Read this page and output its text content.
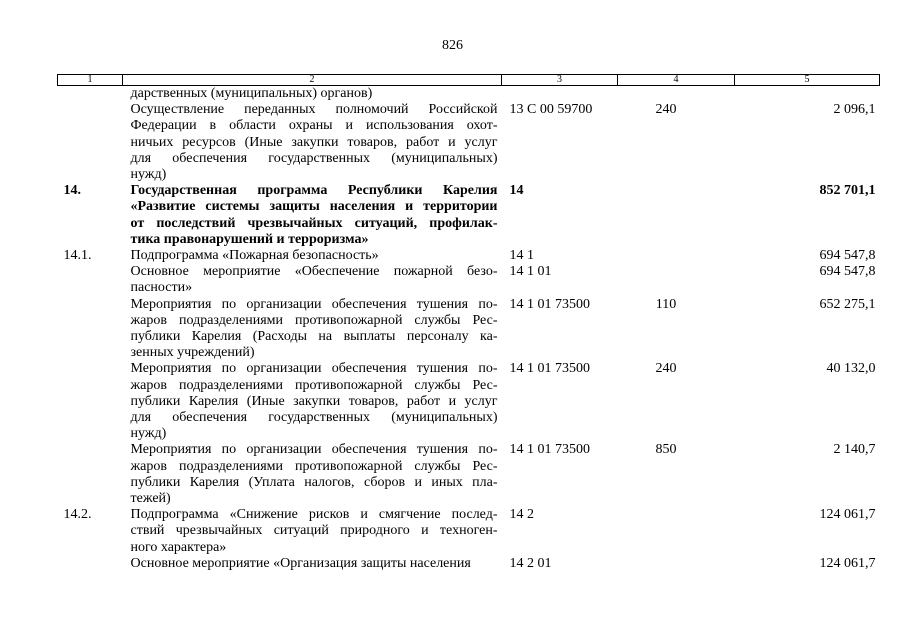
826
1	2	3	4	5

	дарственных (муниципальных) органов)			

	Осуществление переданных полномочий Российской
Федерации в области охраны и использования охот-
ничьих ресурсов (Иные закупки товаров, работ и услуг
для обеспечения государственных (муниципальных)
нужд)	13 С 00 59700	240	2 096,1
14.	Государственная программа Республики Карелия
«Развитие системы защиты населения и территории
от последствий чрезвычайных ситуаций, профилак-
тика правонарушений и терроризма»	14		852 701,1
14.1.	Подпрограмма «Пожарная безопасность»	14 1		694 547,8

	Основное мероприятие «Обеспечение пожарной безо-
пасности»	14 1 01		694 547,8

	Мероприятия по организации обеспечения тушения по-
жаров подразделениями противопожарной службы Рес-
публики Карелия (Расходы на выплаты персоналу ка-
зенных учреждений)	14 1 01 73500	110	652 275,1

	Мероприятия по организации обеспечения тушения по-
жаров подразделениями противопожарной службы Рес-
публики Карелия (Иные закупки товаров, работ и услуг
для обеспечения государственных (муниципальных)
нужд)	14 1 01 73500	240	40 132,0

	Мероприятия по организации обеспечения тушения по-
жаров подразделениями противопожарной службы Рес-
публики Карелия (Уплата налогов, сборов и иных пла-
тежей)	14 1 01 73500	850	2 140,7
14.2.	Подпрограмма «Снижение рисков и смягчение послед-
ствий чрезвычайных ситуаций природного и техноген-
ного характера»	14 2		124 061,7

	Основное мероприятие «Организация защиты населения	14 2 01		124 061,7
